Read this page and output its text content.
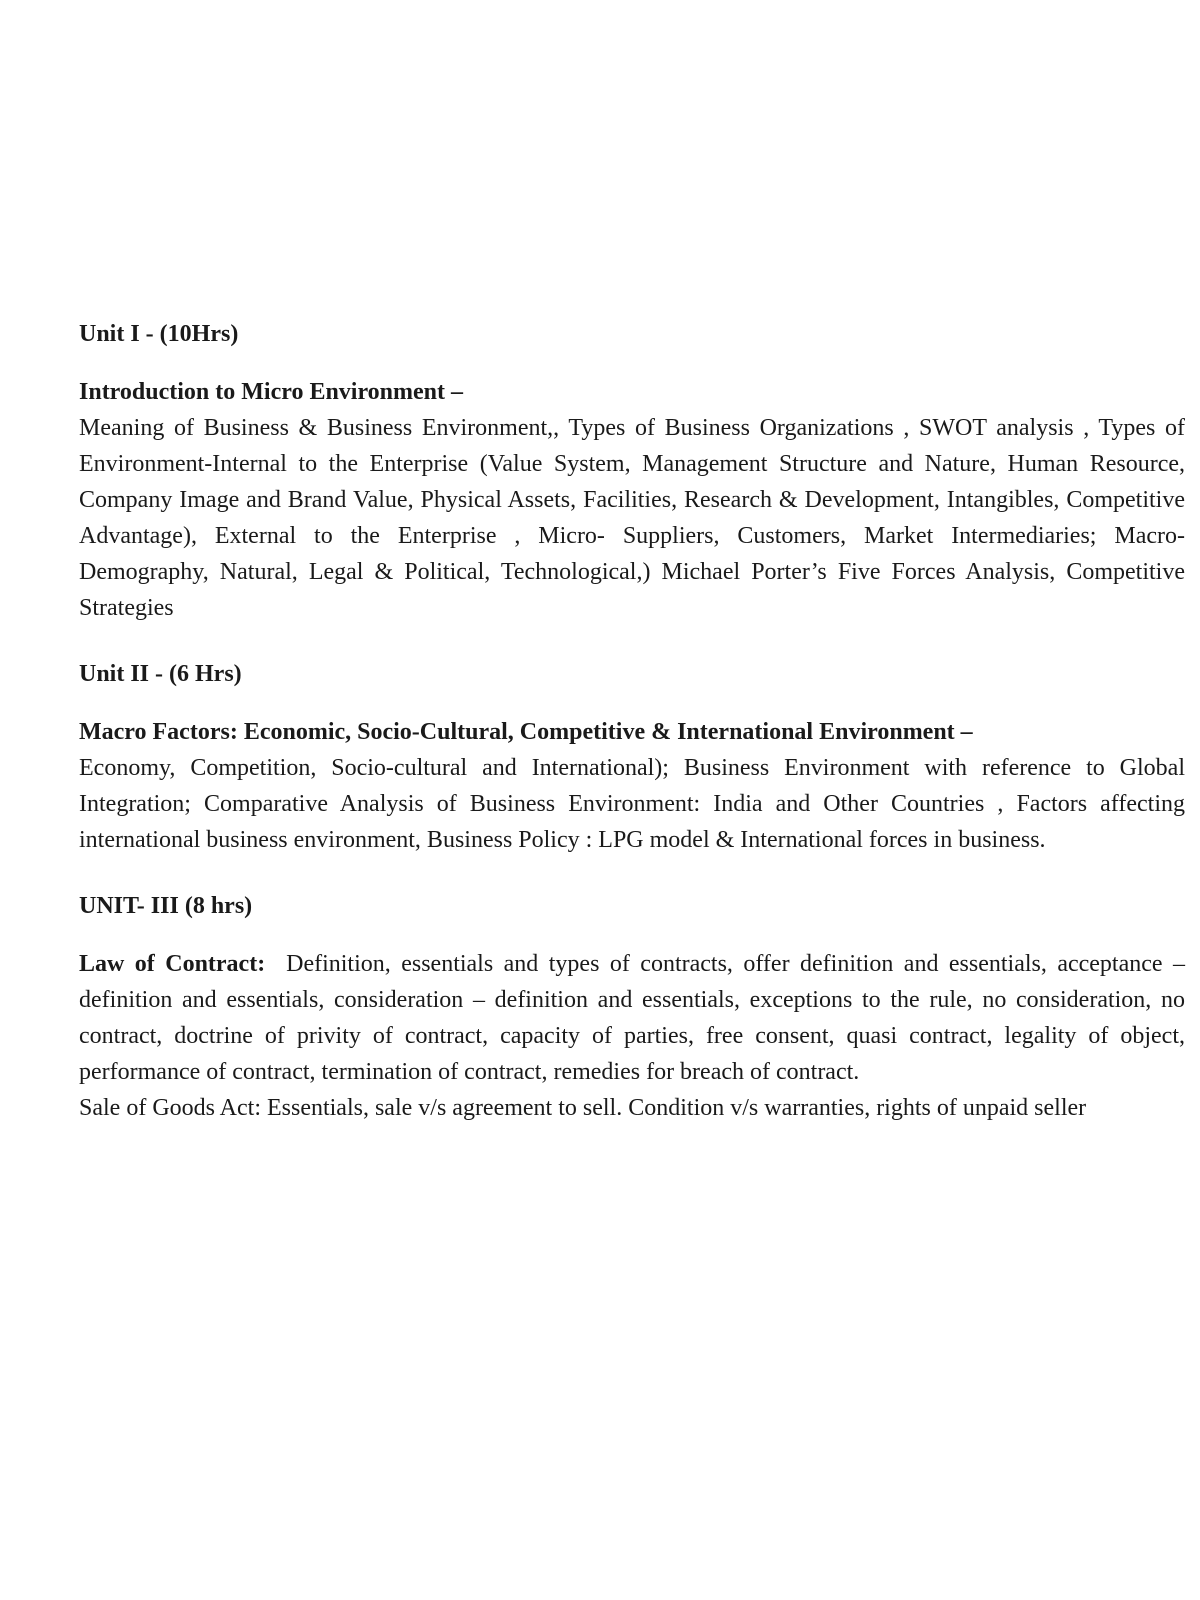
Unit I - (10Hrs)

Introduction to Micro Environment –
Meaning of Business & Business Environment,, Types of Business Organizations , SWOT analysis , Types of Environment-Internal to the Enterprise (Value System, Management Structure and Nature, Human Resource, Company Image and Brand Value, Physical Assets, Facilities, Research & Development, Intangibles, Competitive Advantage), External to the Enterprise , Micro- Suppliers, Customers, Market Intermediaries; Macro- Demography, Natural, Legal & Political, Technological,) Michael Porter’s Five Forces Analysis, Competitive Strategies

Unit II - (6 Hrs)

Macro Factors: Economic, Socio-Cultural, Competitive & International Environment –
Economy, Competition, Socio-cultural and International); Business Environment with reference to Global Integration; Comparative Analysis of Business Environment: India and Other Countries , Factors affecting international business environment, Business Policy : LPG model & International forces in business.

UNIT- III (8 hrs)

Law of Contract: Definition, essentials and types of contracts, offer definition and essentials, acceptance – definition and essentials, consideration – definition and essentials, exceptions to the rule, no consideration, no contract, doctrine of privity of contract, capacity of parties, free consent, quasi contract, legality of object, performance of contract, termination of contract, remedies for breach of contract.
Sale of Goods Act: Essentials, sale v/s agreement to sell. Condition v/s warranties, rights of unpaid seller
